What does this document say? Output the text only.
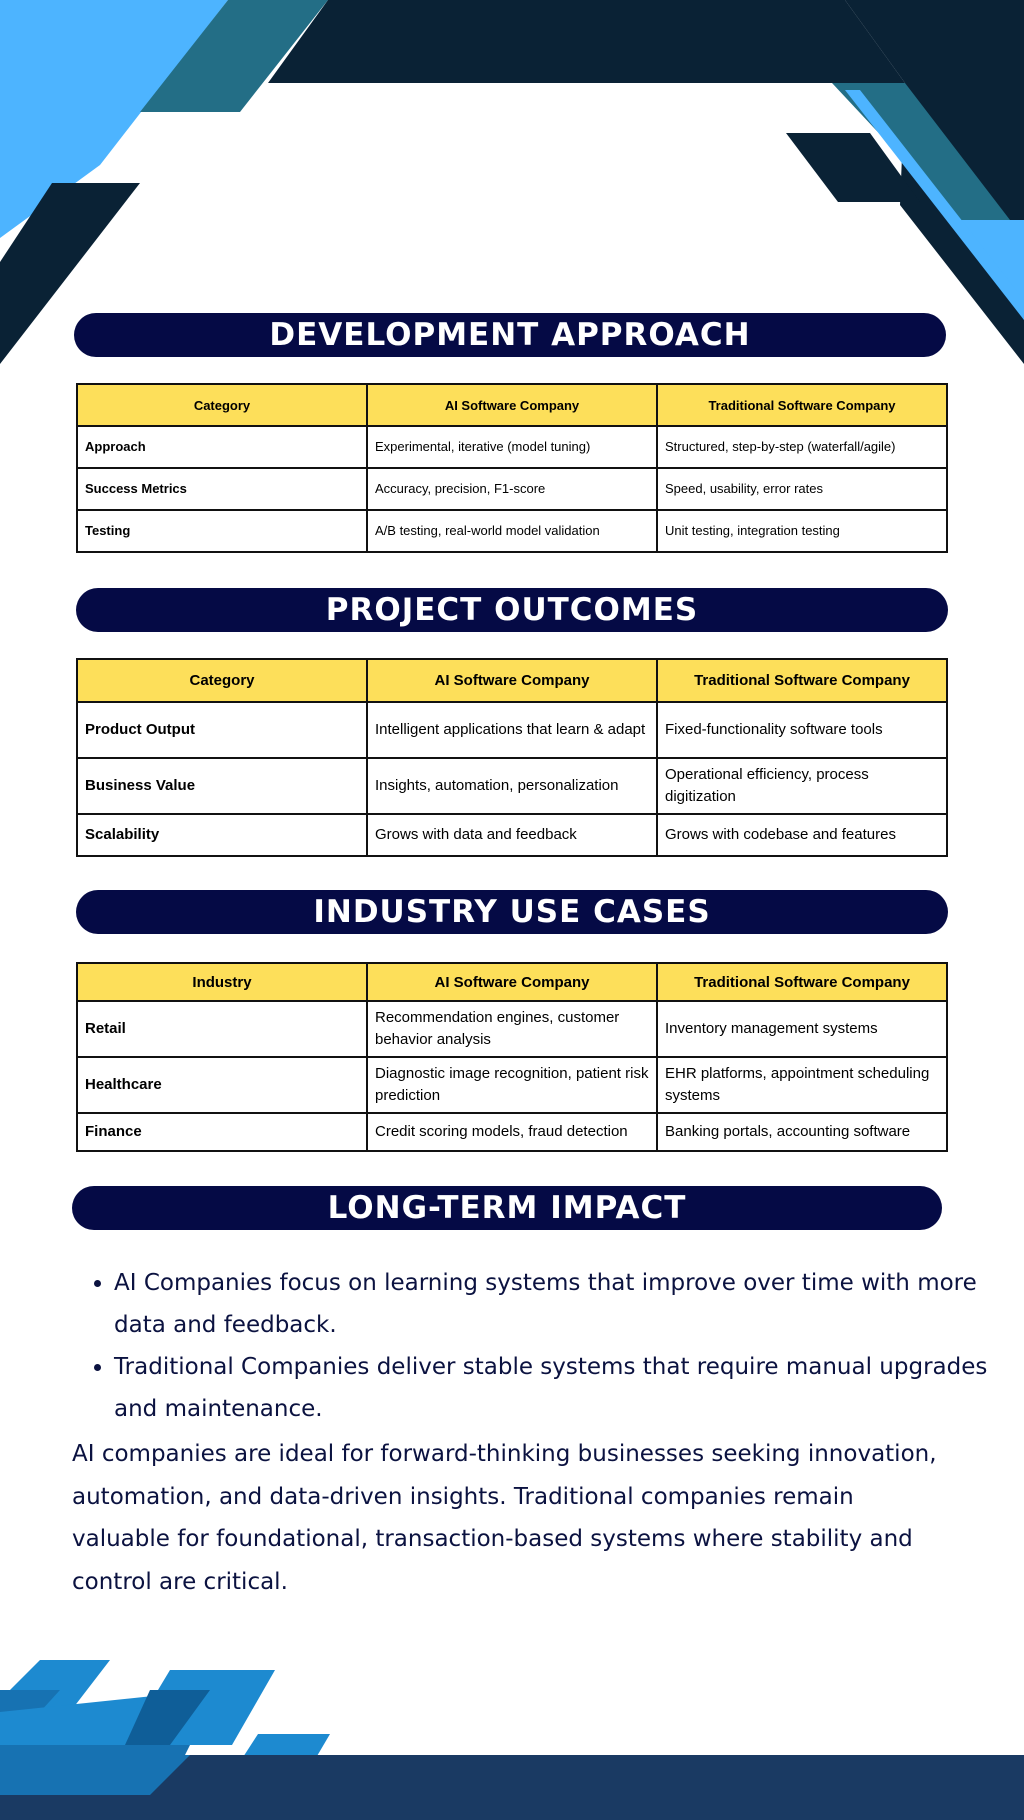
DEVELOPMENT APPROACH
Category	AI Software Company	Traditional Software Company
Approach	Experimental, iterative (model tuning)	Structured, step-by-step (waterfall/agile)
Success Metrics	Accuracy, precision, F1-score	Speed, usability, error rates
Testing	A/B testing, real-world model validation	Unit testing, integration testing
PROJECT OUTCOMES
Category	AI Software Company	Traditional Software Company
Product Output	Intelligent applications that learn & adapt	Fixed-functionality software tools
Business Value	Insights, automation, personalization	Operational efficiency, process digitization
Scalability	Grows with data and feedback	Grows with codebase and features
INDUSTRY USE CASES
Industry	AI Software Company	Traditional Software Company
Retail	Recommendation engines, customer behavior analysis	Inventory management systems
Healthcare	Diagnostic image recognition, patient risk prediction	EHR platforms, appointment scheduling systems
Finance	Credit scoring models, fraud detection	Banking portals, accounting software
LONG-TERM IMPACT
• AI Companies focus on learning systems that improve over time with more data and feedback.
• Traditional Companies deliver stable systems that require manual upgrades and maintenance.

AI companies are ideal for forward-thinking businesses seeking innovation, automation, and data-driven insights. Traditional companies remain valuable for foundational, transaction-based systems where stability and control are critical.
